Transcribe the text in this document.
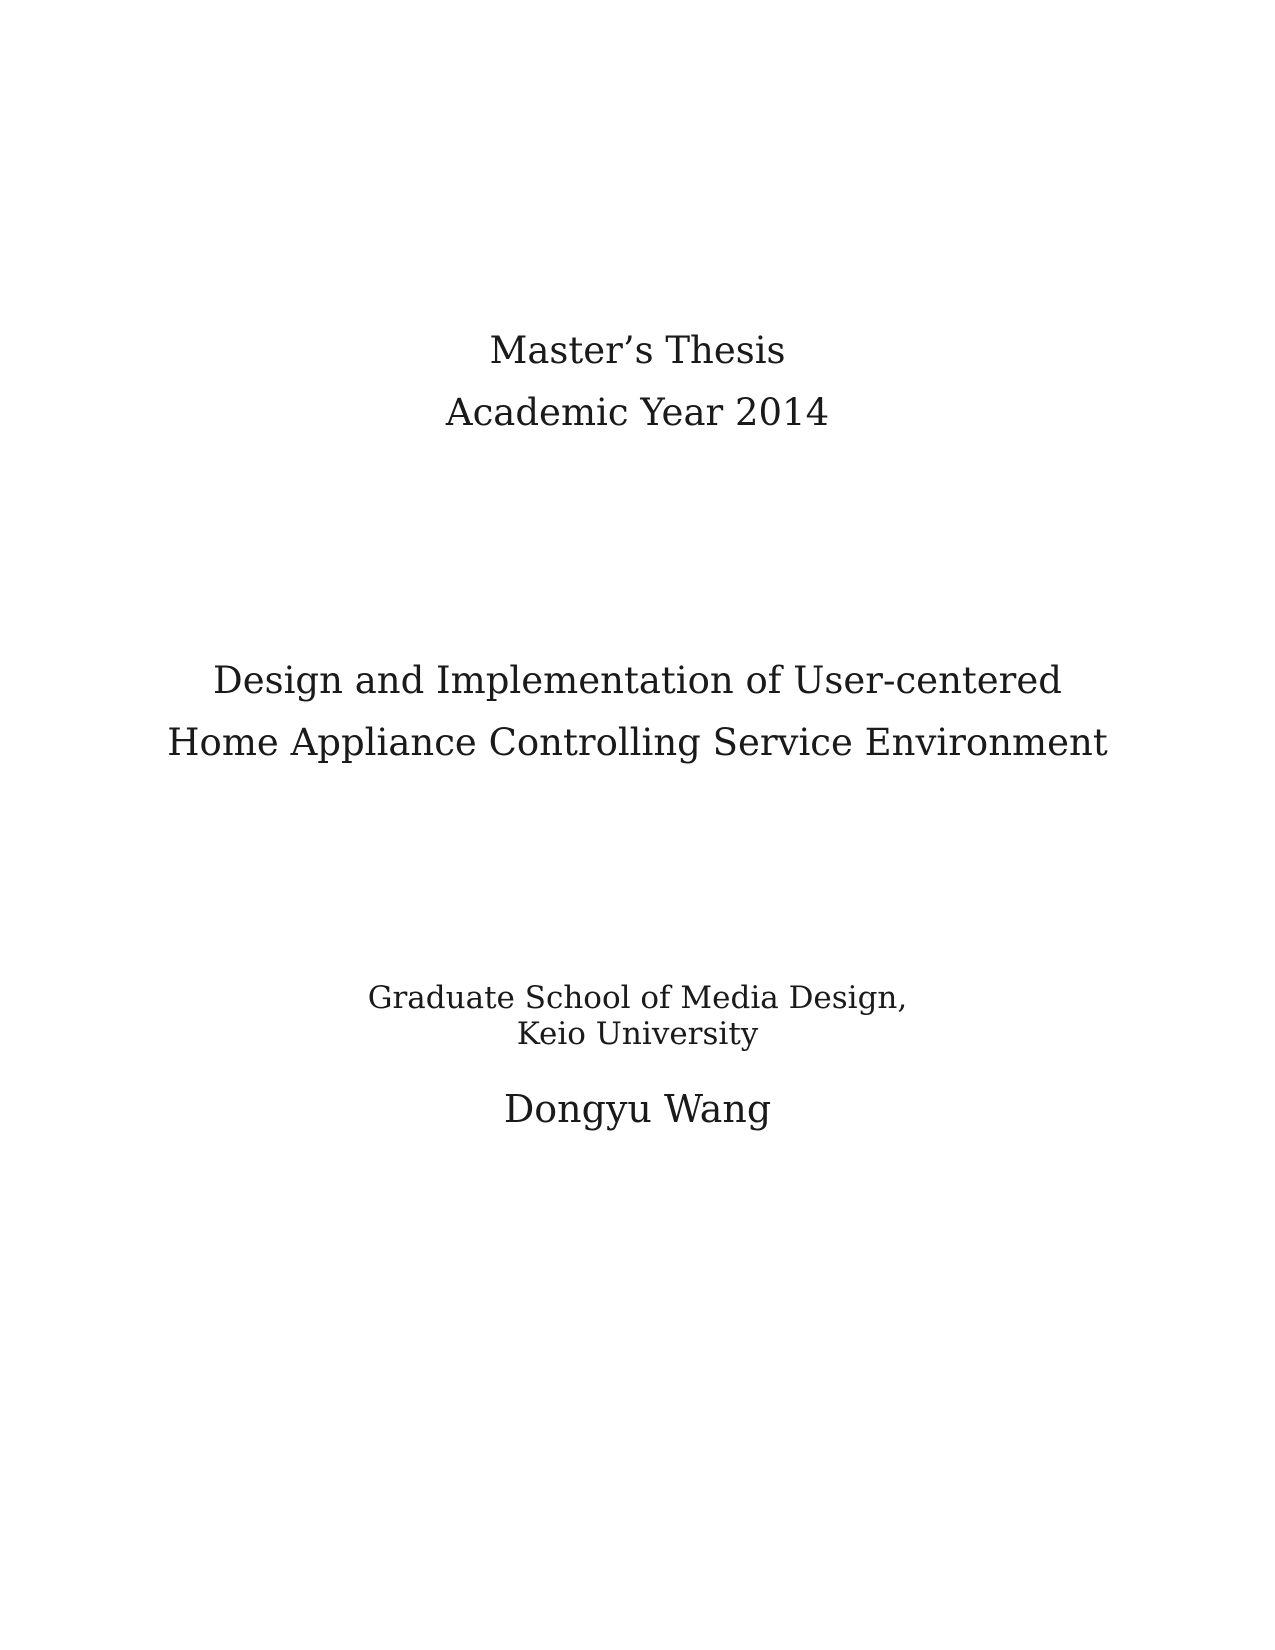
Master’s Thesis
Academic Year 2014
Design and Implementation of User-centered
Home Appliance Controlling Service Environment
Graduate School of Media Design,
Keio University
Dongyu Wang
